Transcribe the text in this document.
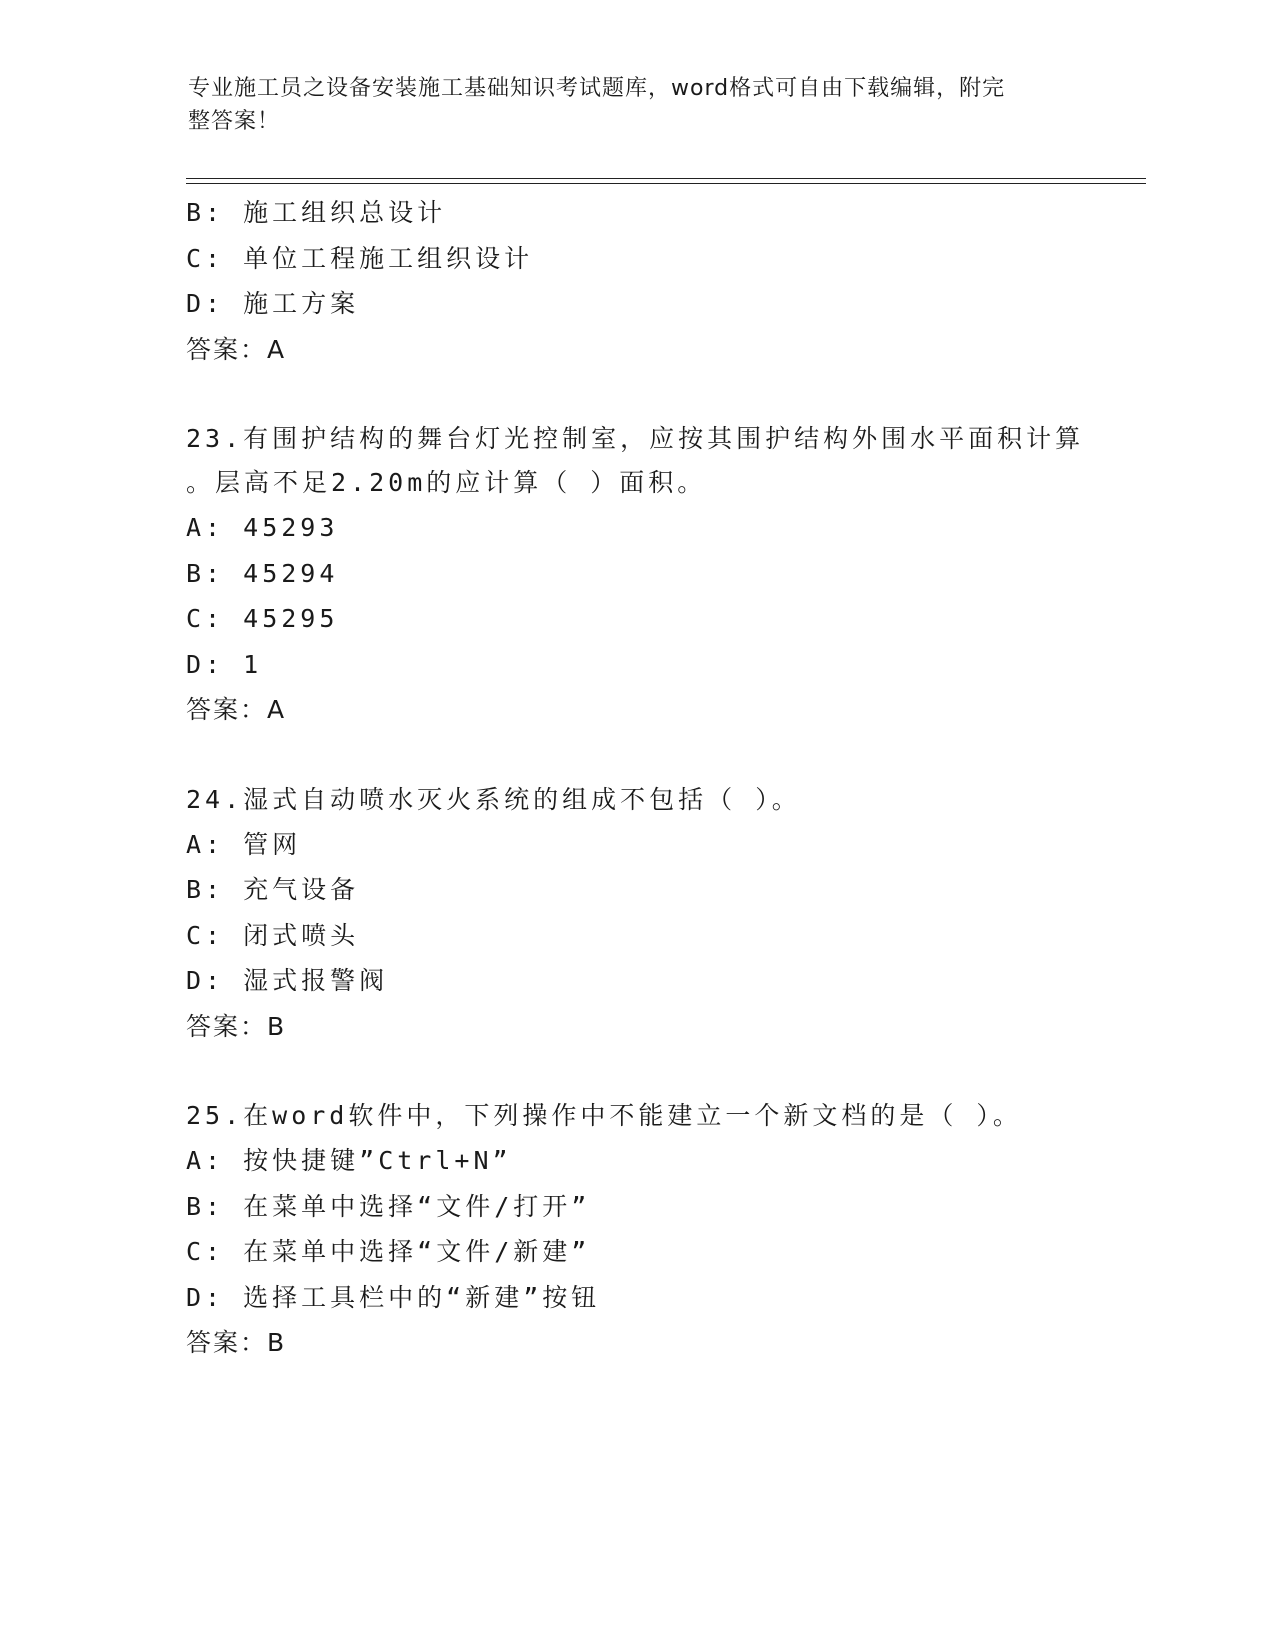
专业施工员之设备安装施工基础知识考试题库，word格式可自由下载编辑，附完
整答案！
B: 施工组织总设计
C: 单位工程施工组织设计
D: 施工方案
答案：A
23.有围护结构的舞台灯光控制室，应按其围护结构外围水平面积计算
。层高不足2.20m的应计算（ ）面积。
A: 45293
B: 45294
C: 45295
D: 1
答案：A
24.湿式自动喷水灭火系统的组成不包括（ ）。
A: 管网
B: 充气设备
C: 闭式喷头
D: 湿式报警阀
答案：B
25.在word软件中，下列操作中不能建立一个新文档的是（ ）。
A: 按快捷键”Ctrl+N”
B: 在菜单中选择“文件/打开”
C: 在菜单中选择“文件/新建”
D: 选择工具栏中的“新建”按钮
答案：B
